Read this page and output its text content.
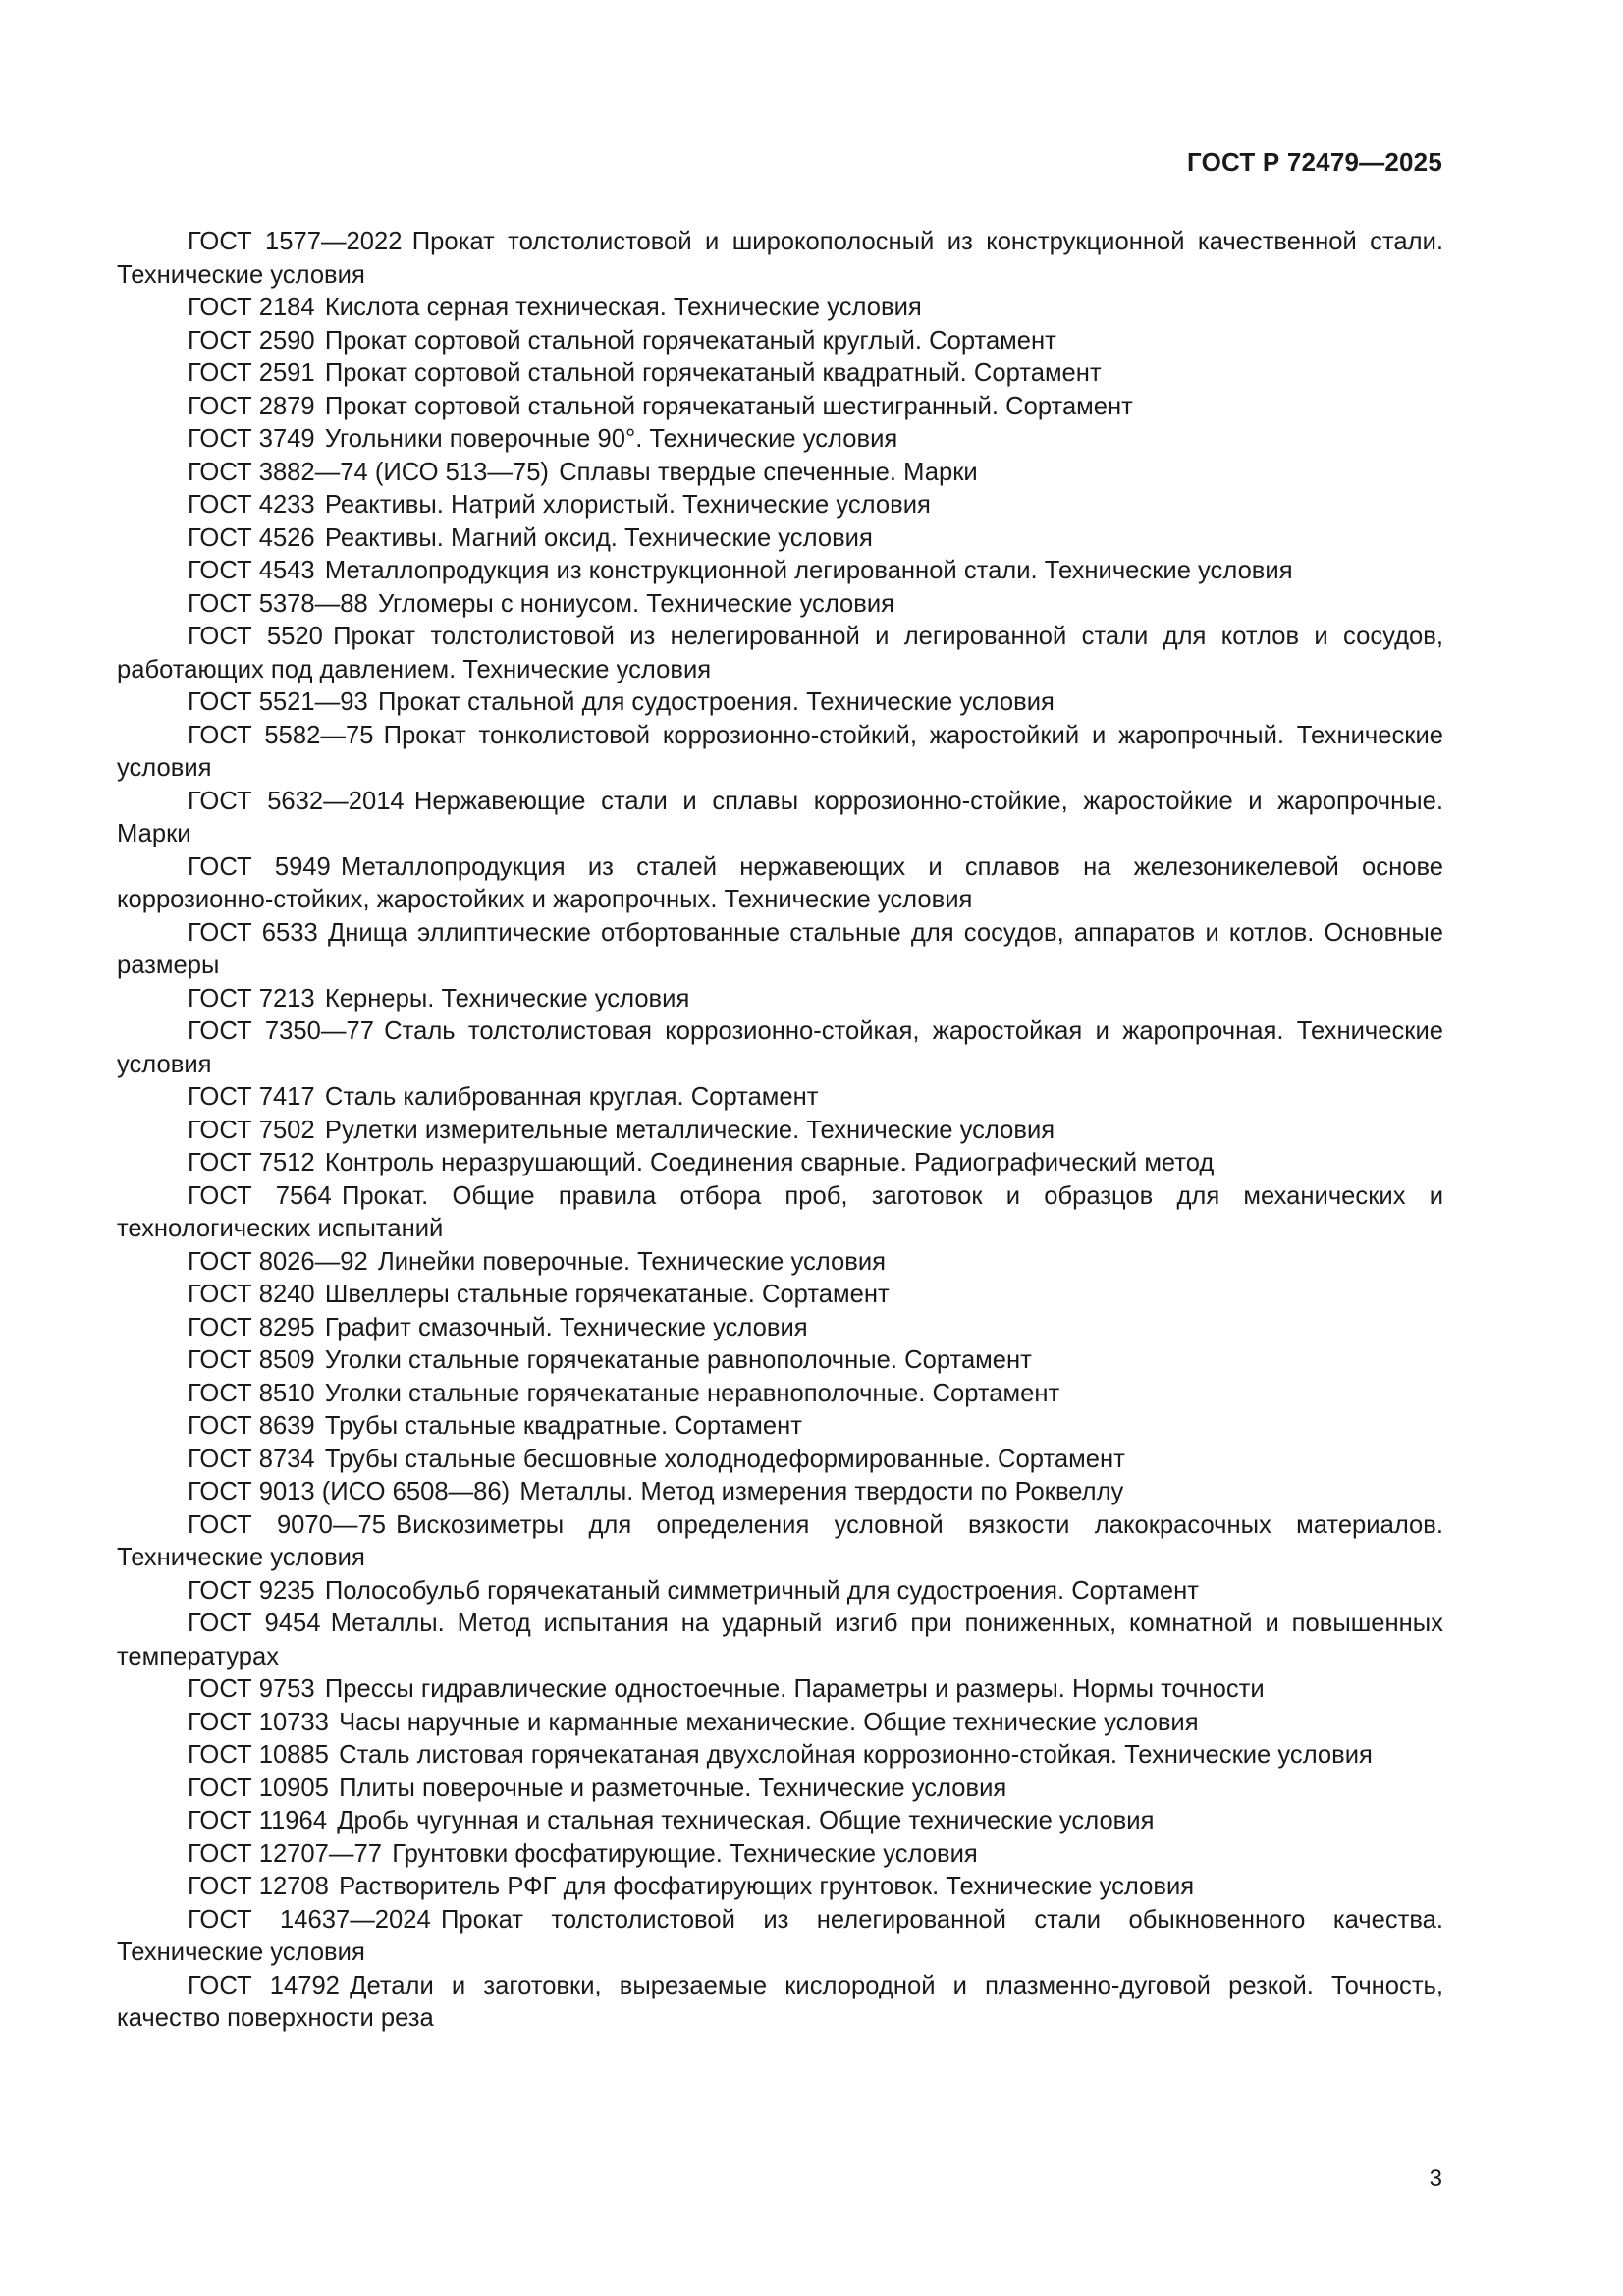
ГОСТ Р 72479—2025
ГОСТ 1577—2022 Прокат толстолистовой и широкополосный из конструкционной качественной стали. Технические условия
ГОСТ 2184 Кислота серная техническая. Технические условия
ГОСТ 2590 Прокат сортовой стальной горячекатаный круглый. Сортамент
ГОСТ 2591 Прокат сортовой стальной горячекатаный квадратный. Сортамент
ГОСТ 2879 Прокат сортовой стальной горячекатаный шестигранный. Сортамент
ГОСТ 3749 Угольники поверочные 90°. Технические условия
ГОСТ 3882—74 (ИСО 513—75) Сплавы твердые спеченные. Марки
ГОСТ 4233 Реактивы. Натрий хлористый. Технические условия
ГОСТ 4526 Реактивы. Магний оксид. Технические условия
ГОСТ 4543 Металлопродукция из конструкционной легированной стали. Технические условия
ГОСТ 5378—88 Угломеры с нониусом. Технические условия
ГОСТ 5520 Прокат толстолистовой из нелегированной и легированной стали для котлов и сосудов, работающих под давлением. Технические условия
ГОСТ 5521—93 Прокат стальной для судостроения. Технические условия
ГОСТ 5582—75 Прокат тонколистовой коррозионно-стойкий, жаростойкий и жаропрочный. Технические условия
ГОСТ 5632—2014 Нержавеющие стали и сплавы коррозионно-стойкие, жаростойкие и жаропрочные. Марки
ГОСТ 5949 Металлопродукция из сталей нержавеющих и сплавов на железоникелевой основе коррозионно-стойких, жаростойких и жаропрочных. Технические условия
ГОСТ 6533 Днища эллиптические отбортованные стальные для сосудов, аппаратов и котлов. Основные размеры
ГОСТ 7213 Кернеры. Технические условия
ГОСТ 7350—77 Сталь толстолистовая коррозионно-стойкая, жаростойкая и жаропрочная. Технические условия
ГОСТ 7417 Сталь калиброванная круглая. Сортамент
ГОСТ 7502 Рулетки измерительные металлические. Технические условия
ГОСТ 7512 Контроль неразрушающий. Соединения сварные. Радиографический метод
ГОСТ 7564 Прокат. Общие правила отбора проб, заготовок и образцов для механических и технологических испытаний
ГОСТ 8026—92 Линейки поверочные. Технические условия
ГОСТ 8240 Швеллеры стальные горячекатаные. Сортамент
ГОСТ 8295 Графит смазочный. Технические условия
ГОСТ 8509 Уголки стальные горячекатаные равнополочные. Сортамент
ГОСТ 8510 Уголки стальные горячекатаные неравнополочные. Сортамент
ГОСТ 8639 Трубы стальные квадратные. Сортамент
ГОСТ 8734 Трубы стальные бесшовные холоднодеформированные. Сортамент
ГОСТ 9013 (ИСО 6508—86) Металлы. Метод измерения твердости по Роквеллу
ГОСТ 9070—75 Вискозиметры для определения условной вязкости лакокрасочных материалов. Технические условия
ГОСТ 9235 Полособульб горячекатаный симметричный для судостроения. Сортамент
ГОСТ 9454 Металлы. Метод испытания на ударный изгиб при пониженных, комнатной и повышенных температурах
ГОСТ 9753 Прессы гидравлические одностоечные. Параметры и размеры. Нормы точности
ГОСТ 10733 Часы наручные и карманные механические. Общие технические условия
ГОСТ 10885 Сталь листовая горячекатаная двухслойная коррозионно-стойкая. Технические условия
ГОСТ 10905 Плиты поверочные и разметочные. Технические условия
ГОСТ 11964 Дробь чугунная и стальная техническая. Общие технические условия
ГОСТ 12707—77 Грунтовки фосфатирующие. Технические условия
ГОСТ 12708 Растворитель РФГ для фосфатирующих грунтовок. Технические условия
ГОСТ 14637—2024 Прокат толстолистовой из нелегированной стали обыкновенного качества. Технические условия
ГОСТ 14792 Детали и заготовки, вырезаемые кислородной и плазменно-дуговой резкой. Точность, качество поверхности реза
3
